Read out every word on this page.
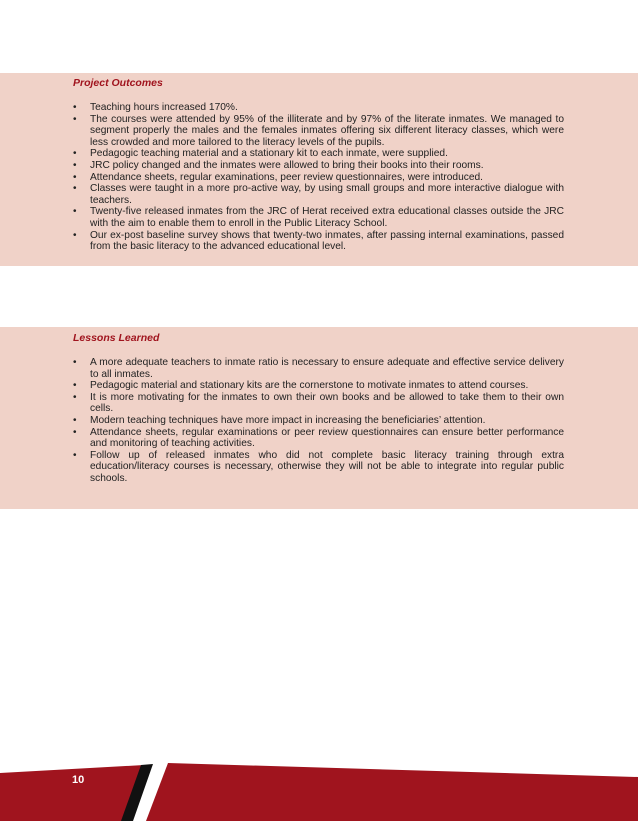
Project Outcomes
•	Teaching hours increased 170%.
•	The courses were attended by 95% of the illiterate and by 97% of the literate inmates. We managed to segment properly the males and the females inmates offering six different literacy classes, which were less crowded and more tailored to the literacy levels of the pupils.
•	Pedagogic teaching material and a stationary kit to each inmate, were supplied.
•	JRC policy changed and the inmates were allowed to bring their books into their rooms.
•	Attendance sheets, regular examinations, peer review questionnaires, were introduced.
•	Classes were taught in a more pro-active way, by using small groups and more interactive dialogue with teachers.
•	Twenty-five released inmates from the JRC of Herat received extra educational classes outside the JRC with the aim to enable them to enroll in the Public Literacy School.
•	Our ex-post baseline survey shows that twenty-two inmates, after passing internal examinations, passed from the basic literacy to the advanced educational level.
Lessons Learned
•	A more adequate teachers to inmate ratio is necessary to ensure adequate and effective service delivery to all inmates.
•	Pedagogic material and stationary kits are the cornerstone to motivate inmates to attend courses.
•	It is more motivating for the inmates to own their own books and be allowed to take them to their own cells.
•	Modern teaching techniques have more impact in increasing the beneficiaries’ attention.
•	Attendance sheets, regular examinations or peer review questionnaires can ensure better performance and monitoring of teaching activities.
•	Follow up of released inmates who did not complete basic literacy training through extra education/literacy courses is necessary, otherwise they will not be able to integrate into regular public schools.
10
